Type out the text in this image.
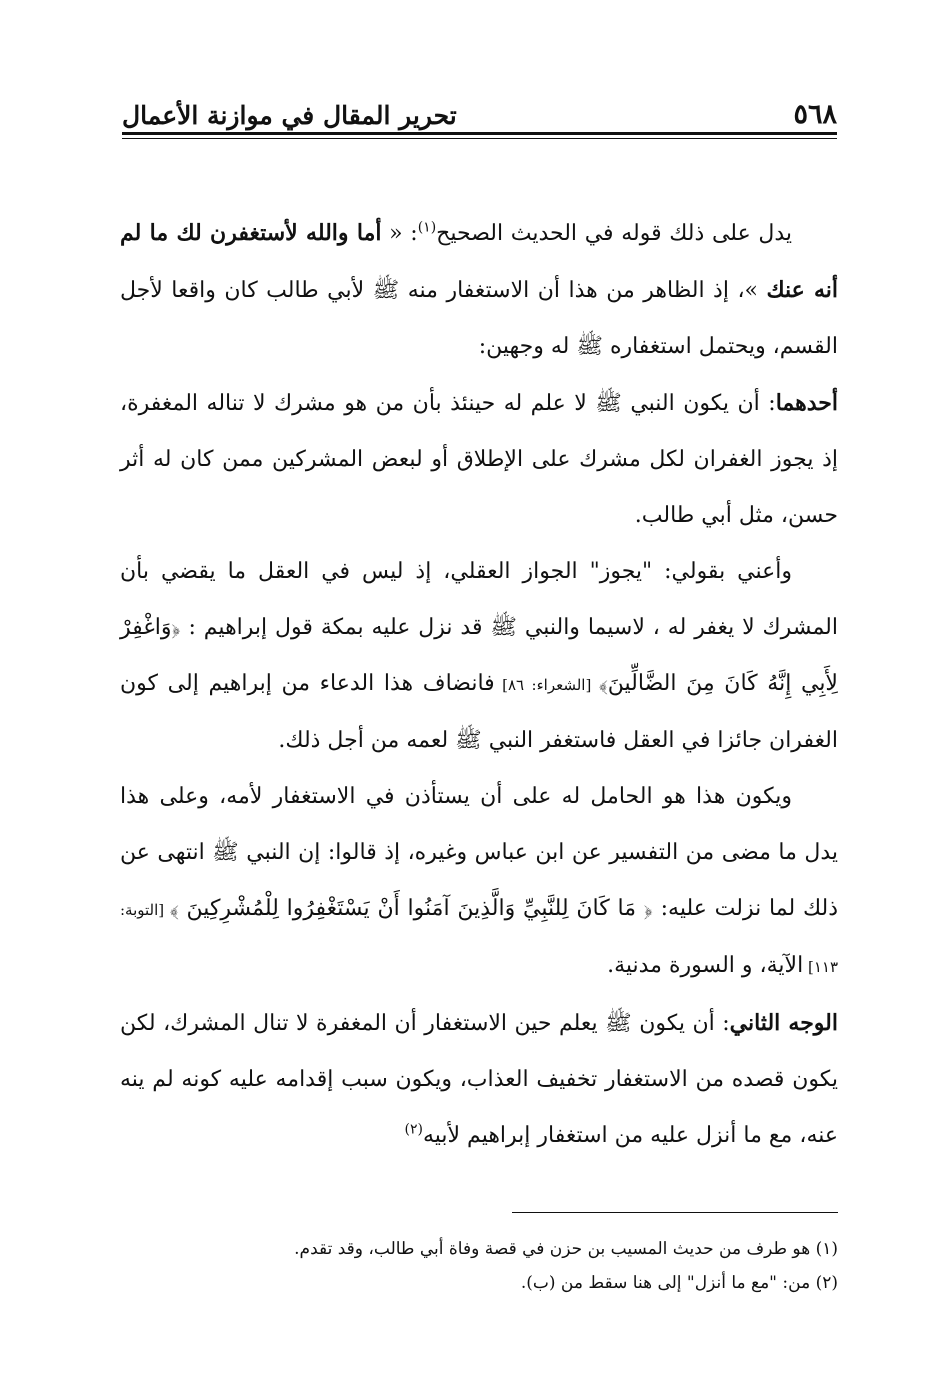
٥٦٨
تحرير المقال في موازنة الأعمال

يدل على ذلك قوله في الحديث الصحيح$^{(١)}$: « أما والله لأستغفرن لك ما لم أنه عنك »، إذ الظاهر من هذا أن الاستغفار منه ﷺ لأبي طالب كان واقعا لأجل القسم، ويحتمل استغفاره ﷺ له وجهين:

أحدهما: أن يكون النبي ﷺ لا علم له حينئذ بأن من هو مشرك لا تناله المغفرة، إذ يجوز الغفران لكل مشرك على الإطلاق أو لبعض المشركين ممن كان له أثر حسن، مثل أبي طالب.

وأعني بقولي: "يجوز" الجواز العقلي، إذ ليس في العقل ما يقضي بأن المشرك لا يغفر له ، لاسيما والنبي ﷺ قد نزل عليه بمكة قول إبراهيم : ﴿وَاغْفِرْ لِأَبِي إِنَّهُ كَانَ مِنَ الضَّالِّينَ﴾ [الشعراء: ٨٦] فانضاف هذا الدعاء من إبراهيم إلى كون الغفران جائزا في العقل فاستغفر النبي ﷺ لعمه من أجل ذلك.

ويكون هذا هو الحامل له على أن يستأذن في الاستغفار لأمه، وعلى هذا يدل ما مضى من التفسير عن ابن عباس وغيره، إذ قالوا: إن النبي ﷺ انتهى عن ذلك لما نزلت عليه: ﴿ مَا كَانَ لِلنَّبِيِّ وَالَّذِينَ آمَنُوا أَنْ يَسْتَغْفِرُوا لِلْمُشْرِكِينَ ﴾ [التوبة: ١١٣] الآية، و السورة مدنية.

الوجه الثاني: أن يكون ﷺ يعلم حين الاستغفار أن المغفرة لا تنال المشرك، لكن يكون قصده من الاستغفار تخفيف العذاب، ويكون سبب إقدامه عليه كونه لم ينه عنه، مع ما أنزل عليه من استغفار إبراهيم لأبيه$^{(٢)}$

(١) هو طرف من حديث المسيب بن حزن في قصة وفاة أبي طالب، وقد تقدم.

(٢) من: "مع ما أنزل" إلى هنا سقط من (ب).
